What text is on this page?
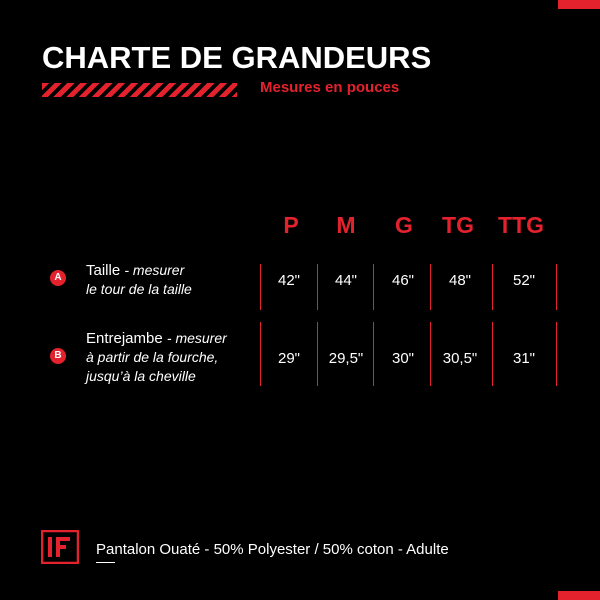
CHARTE DE GRANDEURS
Mesures en pouces
P	M	G	TG	TTG
A Taille - mesurer
le tour de la taille	42"	44"	46"	48"	52"
B
Entrejambe - mesurer
à partir de la fourche,
jusqu’à la cheville
29"	29,5"	30"	30,5"	31"
Pantalon Ouaté - 50% Polyester / 50% coton - Adulte
